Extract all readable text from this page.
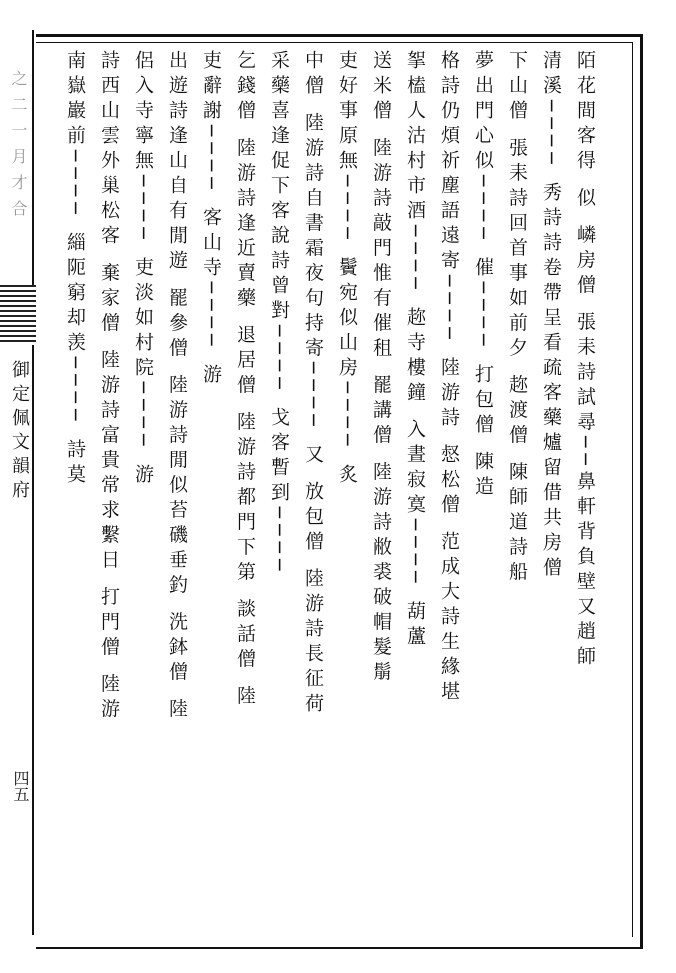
之二一月才合
御定佩文韻府
四五
陌花間客得 似 嶙房僧 張耒詩試尋──鼻軒背負壁又趙師
清溪──── 秀詩詩卷帶呈看疏客藥爐留借共房僧
下山僧 張耒詩回首事如前夕 趂渡僧 陳師道詩船
夢出門心似──── 催──── 打包僧 陳造
格詩仍煩祈塵語遠寄──── 陸游詩 惄松僧 范成大詩生緣堪
挐榼人沽村市酒──── 趂寺樓鐘 入晝寂寞──── 葫蘆
送米僧 陸游詩敲門惟有催租 罷講僧 陸游詩敝裘破帽髮鬅
吏好事原無──── 鬢宛似山房──── 炙
中僧 陸游詩自書霜夜句持寄──── 又 放包僧 陸游詩長征荷
采藥喜逢促下客說詩曾對──── 戈客暫到────
乞錢僧 陸游詩逢近賣藥 退居僧 陸游詩都門下第 談話僧 陸
吏辭謝──── 客山寺──── 游
出遊詩逢山自有閒遊 罷參僧 陸游詩閒似苔磯垂釣 洗鉢僧 陸
侶入寺寧無──── 吏淡如村院──── 游
詩西山雲外巢松客 棄家僧 陸游詩富貴常求繫日 打門僧 陸游
南嶽巖前──── 緇阨窮却羡──── 詩莫
